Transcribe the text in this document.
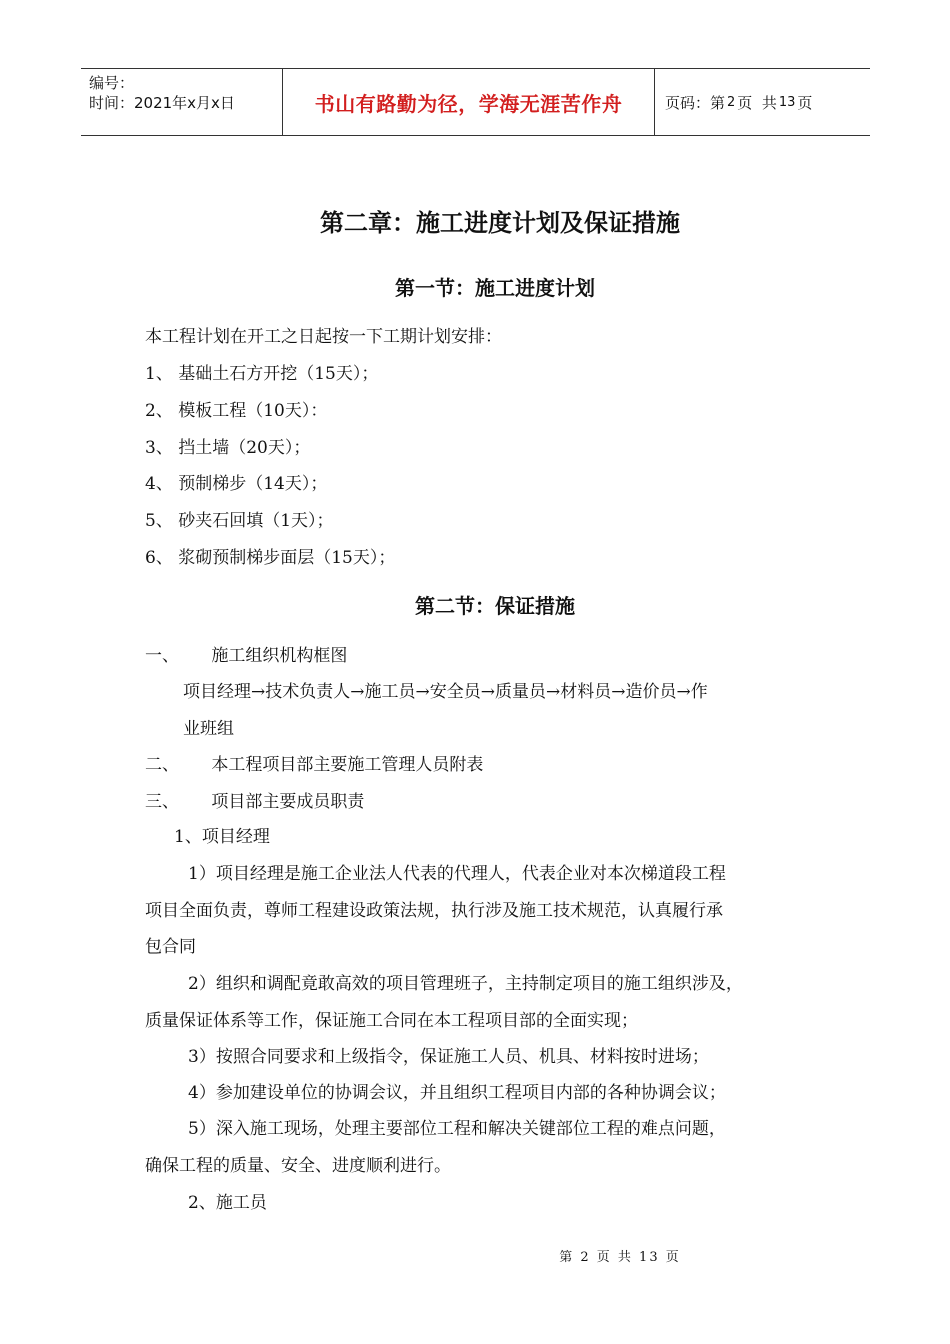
编号：
时间：2021年x月x日	书山有路勤为径，学海无涯苦作舟	页码：第 2 页  共 13 页
第二章：施工进度计划及保证措施
第一节：施工进度计划
本工程计划在开工之日起按一下工期计划安排：
1、 基础土石方开挖（15天）；
2、 模板工程（10天）：
3、 挡土墙（20天）；
4、 预制梯步（14天）；
5、 砂夹石回填（1天）；
6、 浆砌预制梯步面层（15天）；
第二节：保证措施
一、      施工组织机构框图
项目经理→技术负责人→施工员→安全员→质量员→材料员→造价员→作
业班组
二、      本工程项目部主要施工管理人员附表
三、      项目部主要成员职责
1、项目经理
1）项目经理是施工企业法人代表的代理人，代表企业对本次梯道段工程
项目全面负责，尊师工程建设政策法规，执行涉及施工技术规范，认真履行承
包合同
2）组织和调配竟敢高效的项目管理班子，主持制定项目的施工组织涉及，
质量保证体系等工作，保证施工合同在本工程项目部的全面实现；
3）按照合同要求和上级指令，保证施工人员、机具、材料按时进场；
4）参加建设单位的协调会议，并且组织工程项目内部的各种协调会议；
5）深入施工现场，处理主要部位工程和解决关键部位工程的难点问题，
确保工程的质量、安全、进度顺利进行。
2、施工员
第 2 页 共 13 页
